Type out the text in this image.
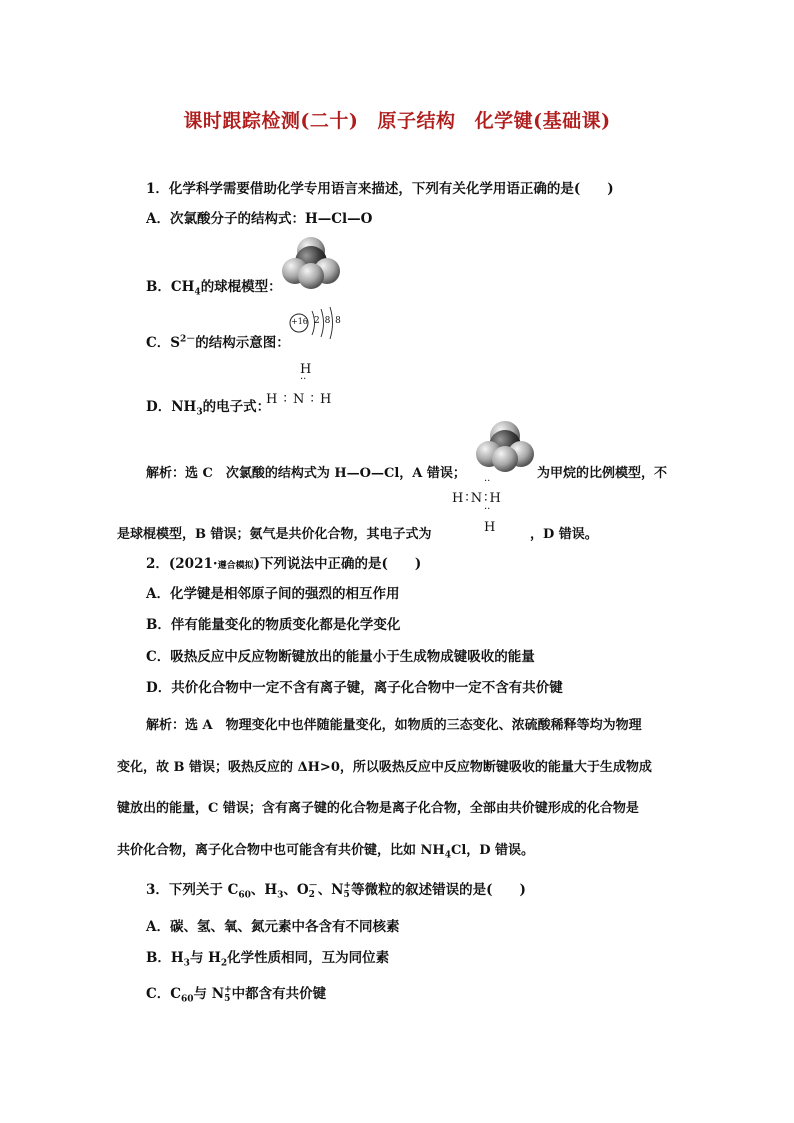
课时跟踪检测(二十) 原子结构 化学键(基础课)
1．化学科学需要借助化学专用语言来描述，下列有关化学用语正确的是(　　)
A．次氯酸分子的结构式：H—Cl—O
B．$CH_4$的球棍模型：
C．$S^{2-}$的结构示意图：
+16 2 8 8
D．$NH_3$的电子式：
H
··
H ∶ N ∶ H
解析：选 C　次氯酸的结构式为 H—O—Cl，A 错误；	为甲烷的比例模型，不
··
H∶N∶H
··
H
是球棍模型，B 错误；氨气是共价化合物，其电子式为	，D 错误。
2．(2021·遵合模拟)下列说法中正确的是(　　)
A．化学键是相邻原子间的强烈的相互作用
B．伴有能量变化的物质变化都是化学变化
C．吸热反应中反应物断键放出的能量小于生成物成键吸收的能量
D．共价化合物中一定不含有离子键，离子化合物中一定不含有共价键
解析：选 A　物理变化中也伴随能量变化，如物质的三态变化、浓硫酸稀释等均为物理
变化，故 B 错误；吸热反应的 ΔH>0，所以吸热反应中反应物断键吸收的能量大于生成物成
键放出的能量，C 错误；含有离子键的化合物是离子化合物，全部由共价键形成的化合物是
共价化合物，离子化合物中也可能含有共价键，比如 $NH_4Cl$，D 错误。
3．下列关于 $C_{60}$、$H_3$、O －
2 、N +
5 等微粒的叙述错误的是(　　)
A．碳、氢、氧、氮元素中各含有不同核素
B．$H_3$与 $H_2$化学性质相同，互为同位素
C．$C_{60}$与 N +
5 中都含有共价键
